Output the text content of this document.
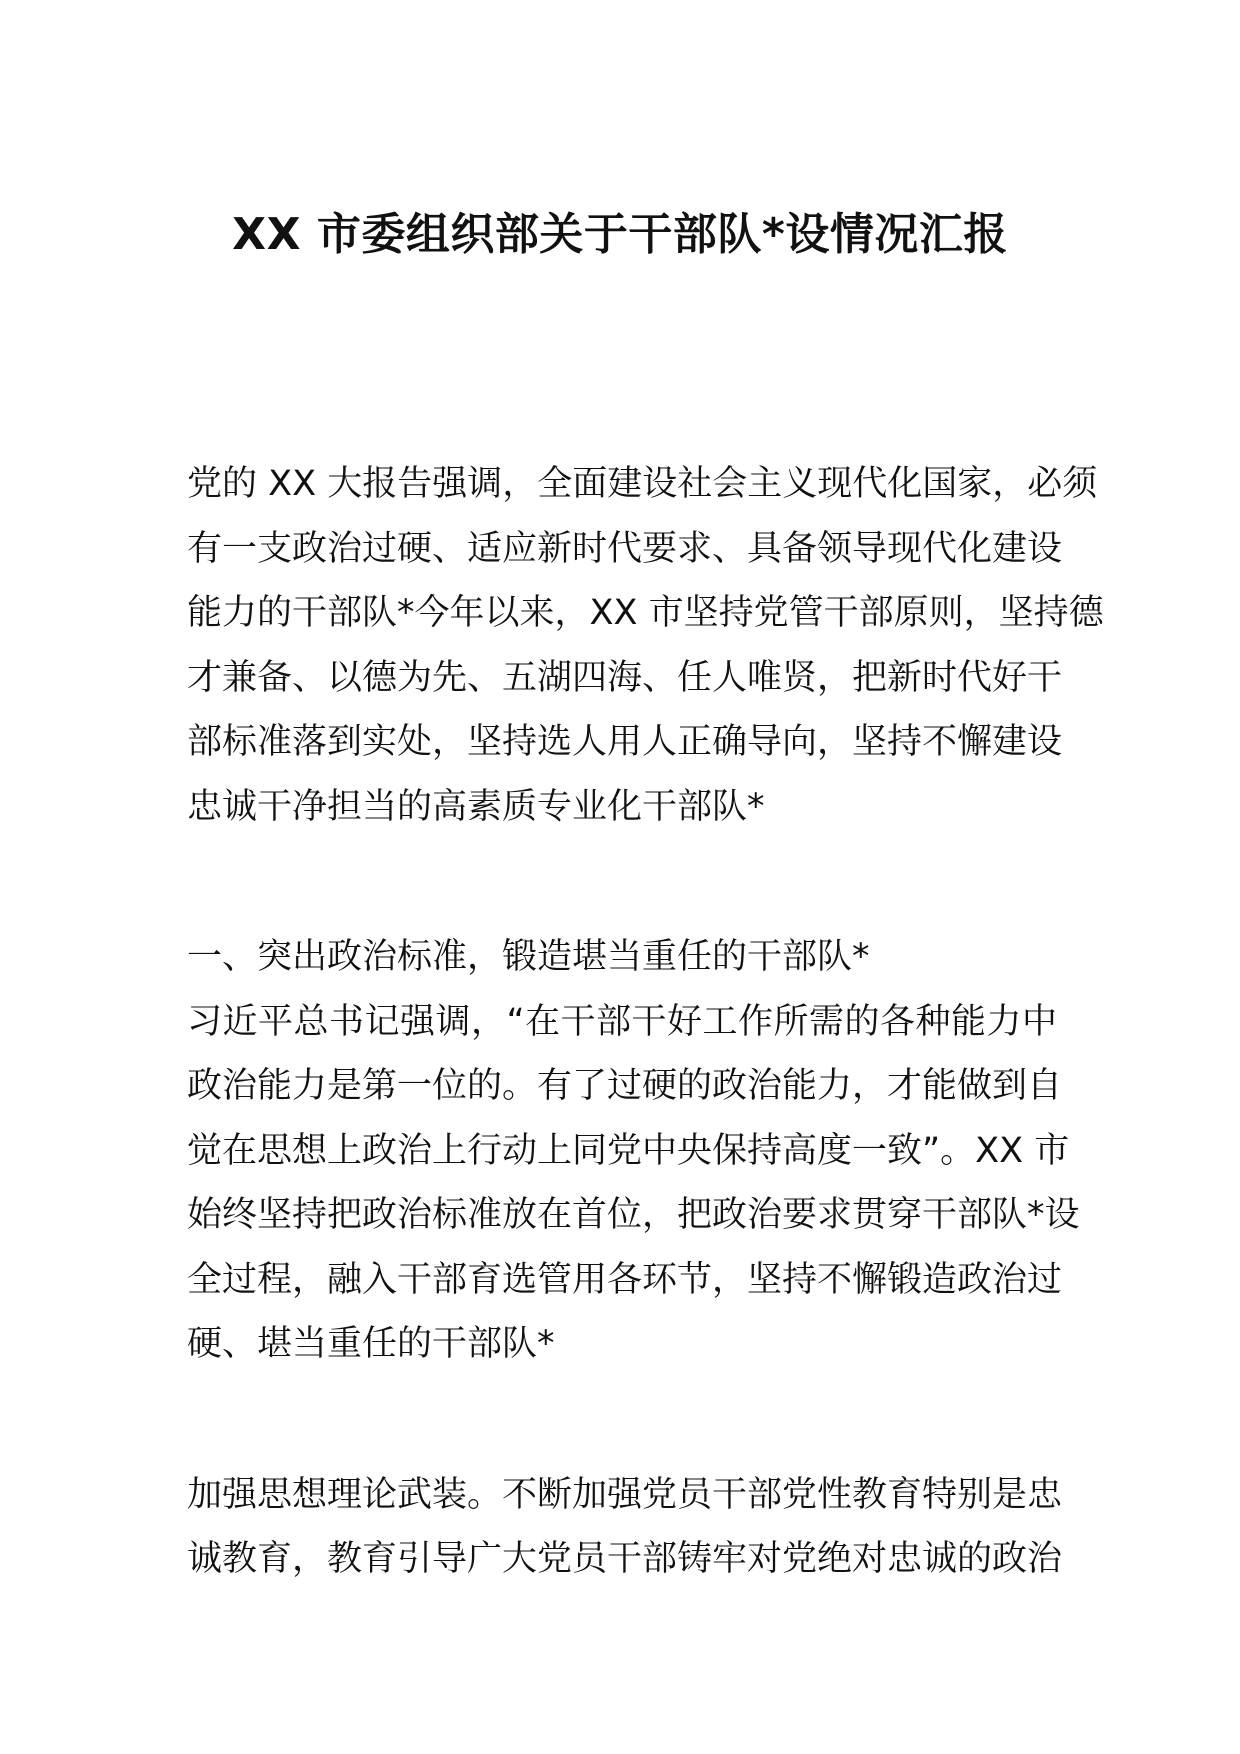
XX 市委组织部关于干部队*设情况汇报
党的 XX 大报告强调，全面建设社会主义现代化国家，必须
有一支政治过硬、适应新时代要求、具备领导现代化建设
能力的干部队*今年以来，XX 市坚持党管干部原则，坚持德
才兼备、以德为先、五湖四海、任人唯贤，把新时代好干
部标准落到实处，坚持选人用人正确导向，坚持不懈建设
忠诚干净担当的高素质专业化干部队*
一、突出政治标准，锻造堪当重任的干部队*
习近平总书记强调，“在干部干好工作所需的各种能力中
政治能力是第一位的。有了过硬的政治能力，才能做到自
觉在思想上政治上行动上同党中央保持高度一致”。XX 市
始终坚持把政治标准放在首位，把政治要求贯穿干部队*设
全过程，融入干部育选管用各环节，坚持不懈锻造政治过
硬、堪当重任的干部队*
加强思想理论武装。不断加强党员干部党性教育特别是忠
诚教育，教育引导广大党员干部铸牢对党绝对忠诚的政治
